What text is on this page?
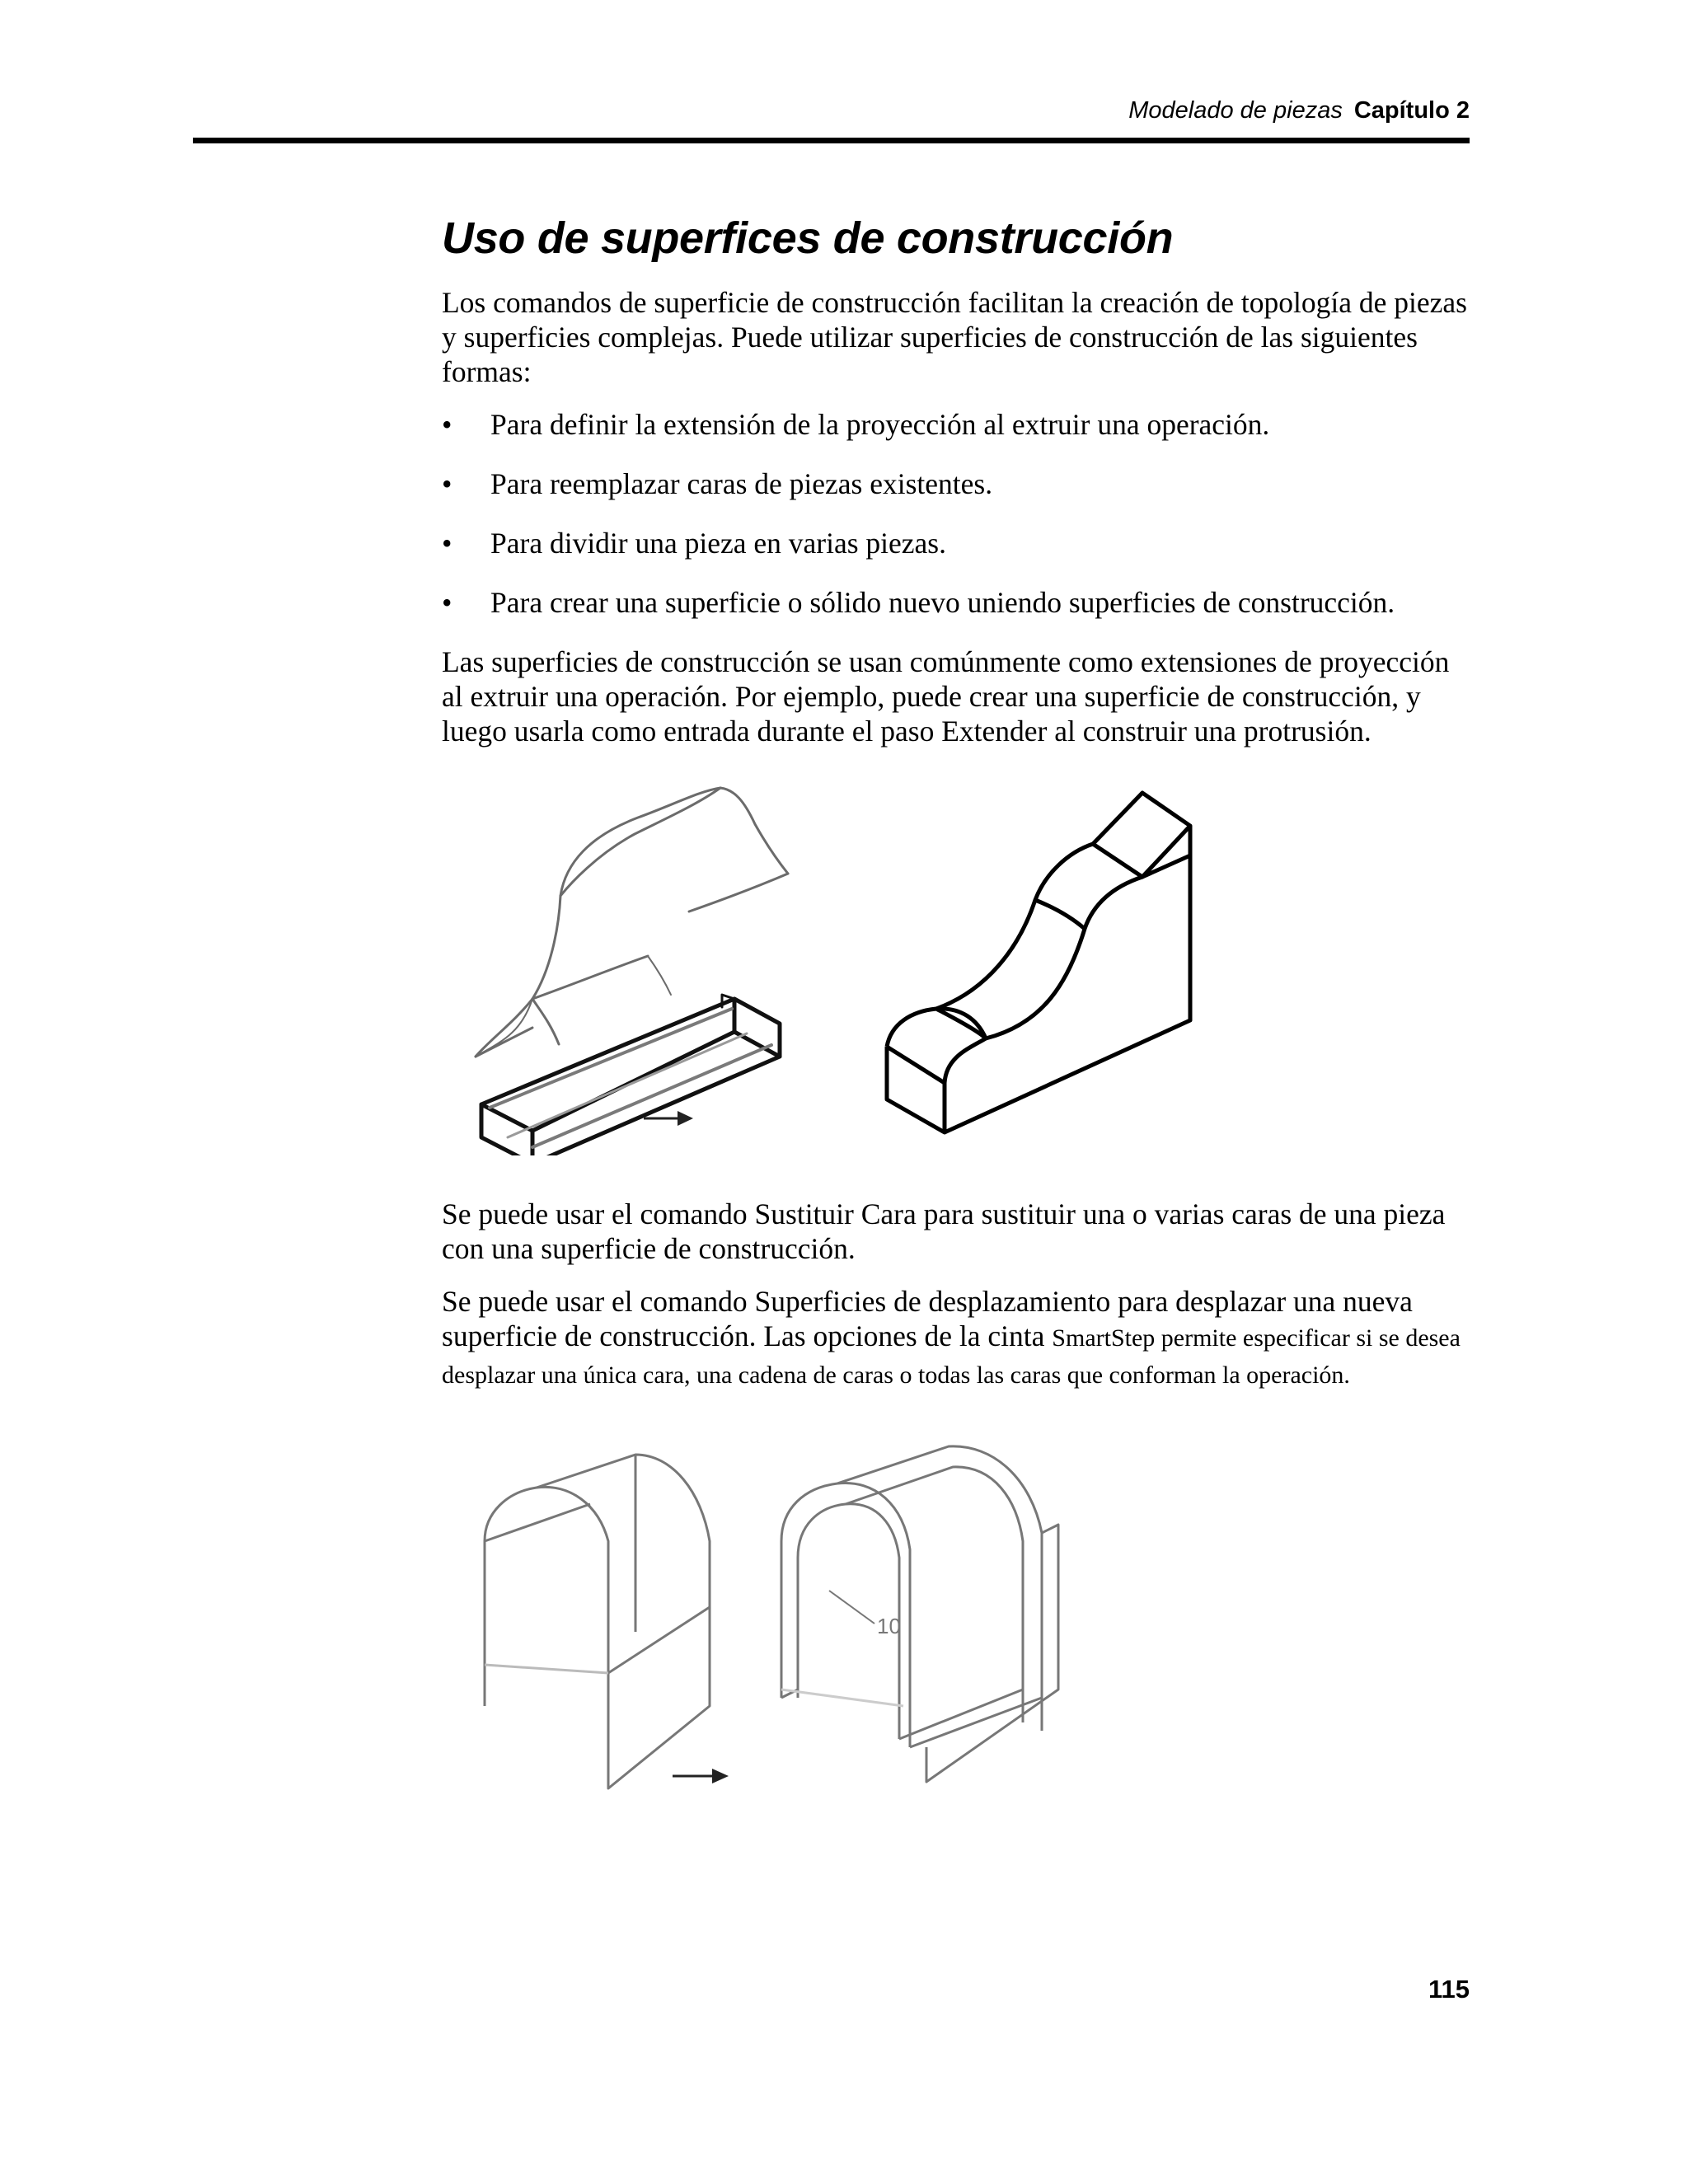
Modelado de piezas Capítulo 2
Uso de superfices de construcción

Los comandos de superficie de construcción facilitan la creación de topología de piezas y superficies complejas. Puede utilizar superficies de construcción de las siguientes formas:

• Para definir la extensión de la proyección al extruir una operación.
• Para reemplazar caras de piezas existentes.
• Para dividir una pieza en varias piezas.
• Para crear una superficie o sólido nuevo uniendo superficies de construcción.

Las superficies de construcción se usan comúnmente como extensiones de proyección al extruir una operación. Por ejemplo, puede crear una superficie de construcción, y luego usarla como entrada durante el paso Extender al construir una protrusión.

Se puede usar el comando Sustituir Cara para sustituir una o varias caras de una pieza con una superficie de construcción.

Se puede usar el comando Superficies de desplazamiento para desplazar una nueva superficie de construcción. Las opciones de la cinta SmartStep permite especificar si se desea desplazar una única cara, una cadena de caras o todas las caras que conforman la operación.

10
115
